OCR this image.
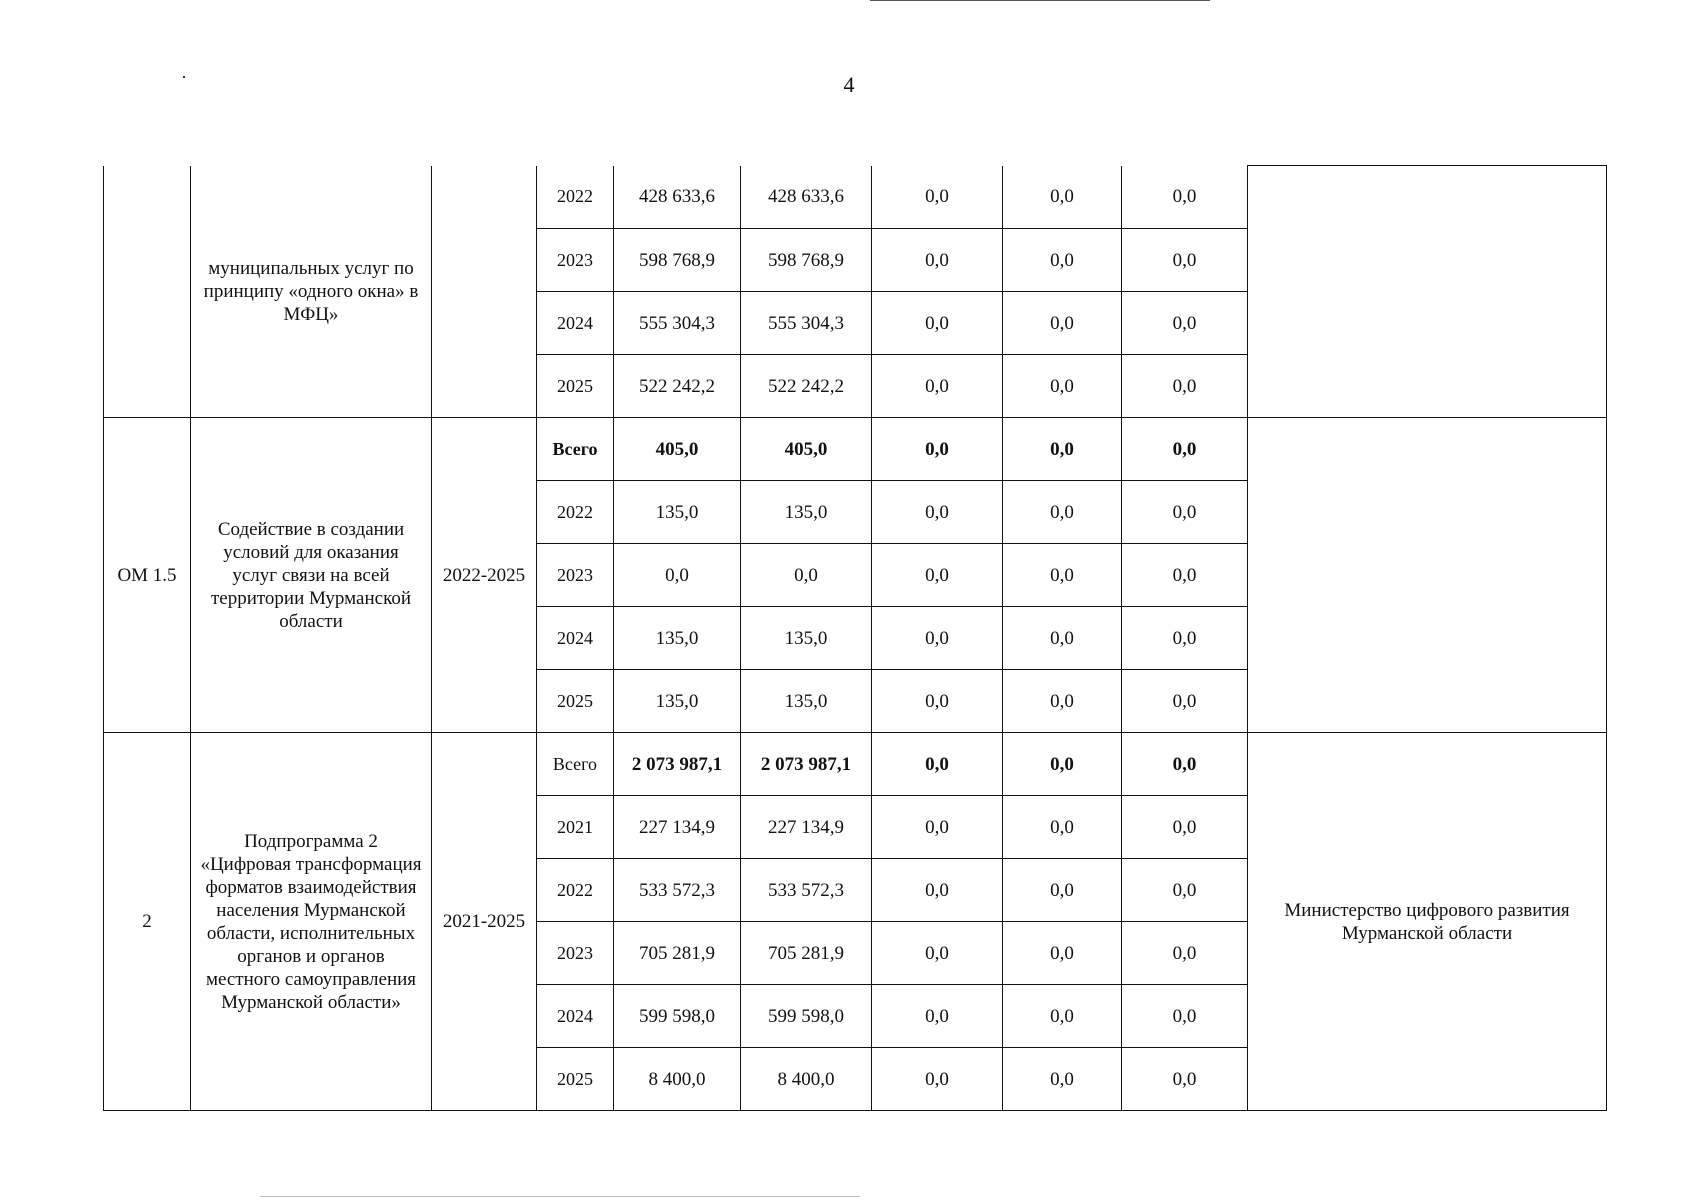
4
	муниципальных услуг по принципу «одного окна» в МФЦ»		2022	428 633,6	428 633,6	0,0	0,0	0,0	
			2023	598 768,9	598 768,9	0,0	0,0	0,0	
			2024	555 304,3	555 304,3	0,0	0,0	0,0	
			2025	522 242,2	522 242,2	0,0	0,0	0,0	
ОМ 1.5	Содействие в создании условий для оказания услуг связи на всей территории Мурманской области	2022-2025	Всего	405,0	405,0	0,0	0,0	0,0	
			2022	135,0	135,0	0,0	0,0	0,0	
			2023	0,0	0,0	0,0	0,0	0,0	
			2024	135,0	135,0	0,0	0,0	0,0	
			2025	135,0	135,0	0,0	0,0	0,0	
2	Подпрограмма 2 «Цифровая трансформация форматов взаимодействия населения Мурманской области, исполнительных органов и органов местного самоуправления Мурманской области»	2021-2025	Всего	2 073 987,1	2 073 987,1	0,0	0,0	0,0	Министерство цифрового развития Мурманской области
			2021	227 134,9	227 134,9	0,0	0,0	0,0	
			2022	533 572,3	533 572,3	0,0	0,0	0,0	
			2023	705 281,9	705 281,9	0,0	0,0	0,0	
			2024	599 598,0	599 598,0	0,0	0,0	0,0	
			2025	8 400,0	8 400,0	0,0	0,0	0,0	
